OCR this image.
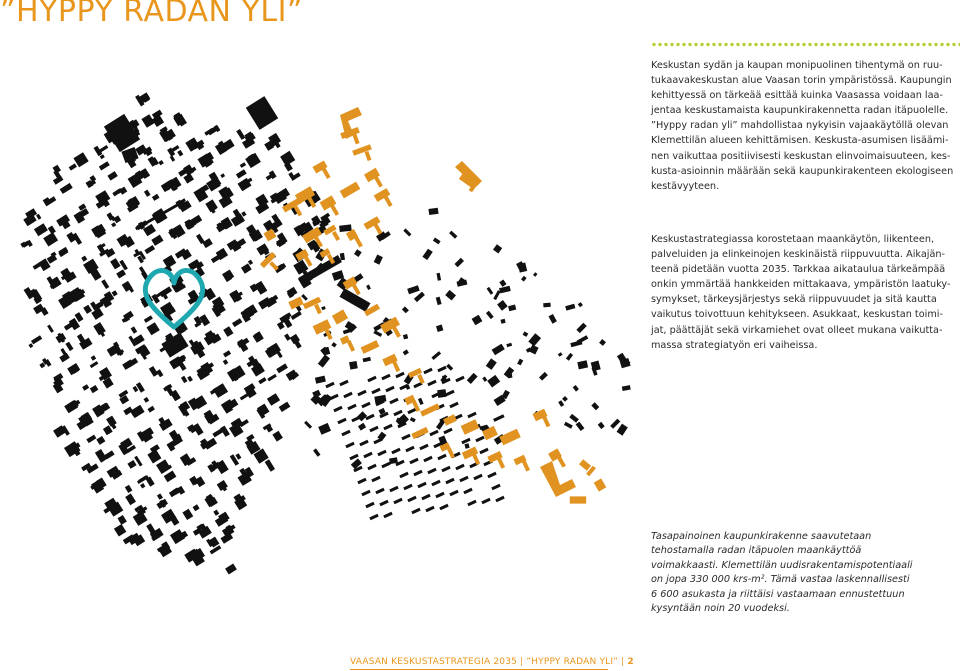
”HYPPY RADAN YLI”

Keskustan sydän ja kaupan monipuolinen tihentymä on ruu-
tukaavakeskustan alue Vaasan torin ympäristössä. Kaupungin
kehittyessä on tärkeää esittää kuinka Vaasassa voidaan laa-
jentaa keskustamaista kaupunkirakennetta radan itäpuolelle.
”Hyppy radan yli” mahdollistaa nykyisin vajaakäytöllä olevan
Klemettilän alueen kehittämisen. Keskusta-asumisen lisäämi-
nen vaikuttaa positiivisesti keskustan elinvoimaisuuteen, kes-
kusta-asioinnin määrään sekä kaupunkirakenteen ekologiseen
kestävyyteen.

Keskustastrategiassa korostetaan maankäytön, liikenteen,
palveluiden ja elinkeinojen keskinäistä riippuvuutta. Aikajän-
teenä pidetään vuotta 2035. Tarkkaa aikataulua tärkeämpää
onkin ymmärtää hankkeiden mittakaava, ympäristön laatuky-
symykset, tärkeysjärjestys sekä riippuvuudet ja sitä kautta
vaikutus toivottuun kehitykseen. Asukkaat, keskustan toimi-
jat, päättäjät sekä virkamiehet ovat olleet mukana vaikutta-
massa strategiatyön eri vaiheissa.

Tasapainoinen kaupunkirakenne saavutetaan
tehostamalla radan itäpuolen maankäyttöä
voimakkaasti. Klemettilän uudisrakentamispotentiaali
on jopa 330 000 krs-m². Tämä vastaa laskennallisesti
6 600 asukasta ja riittäisi vastaamaan ennustettuun
kysyntään noin 20 vuodeksi.
VAASAN KESKUSTASTRATEGIA 2035 | ”HYPPY RADAN YLI” | 2
